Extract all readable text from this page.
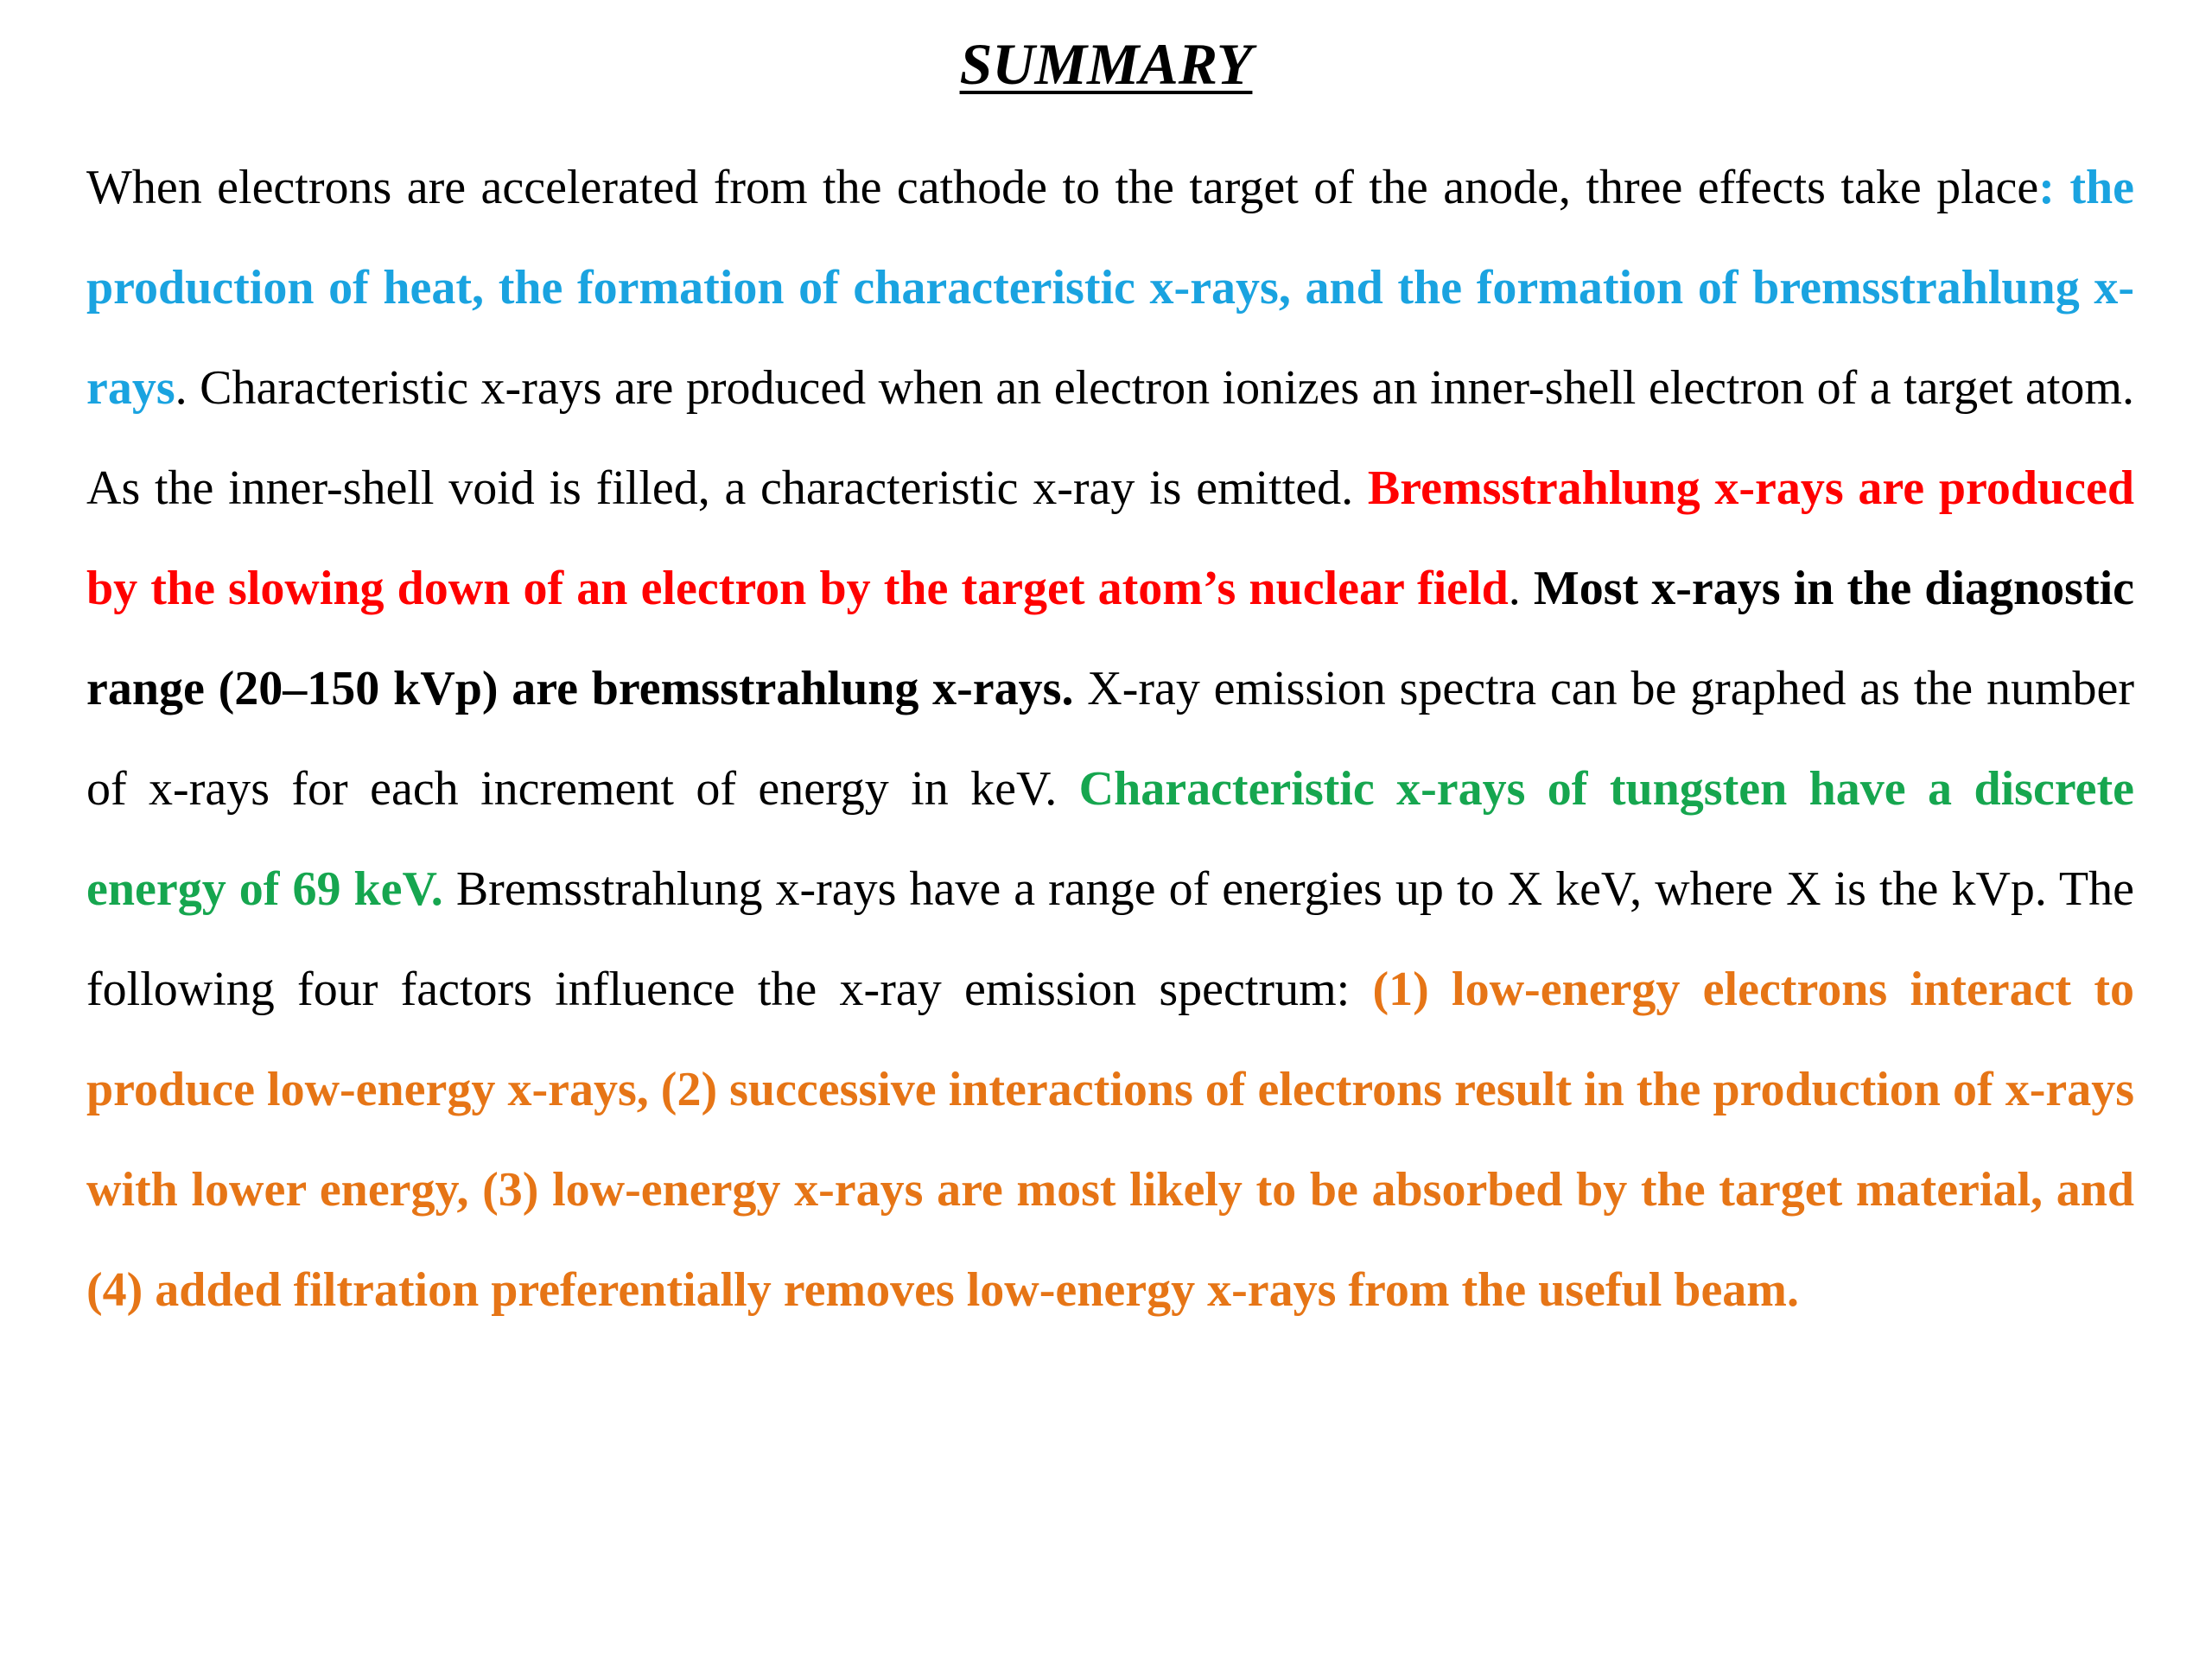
SUMMARY

When electrons are accelerated from the cathode to the target of the anode, three effects take place: the production of heat, the formation of characteristic x-rays, and the formation of bremsstrahlung x-rays. Characteristic x-rays are produced when an electron ionizes an inner-shell electron of a target atom. As the inner-shell void is filled, a characteristic x-ray is emitted. Bremsstrahlung x-rays are produced by the slowing down of an electron by the target atom’s nuclear field. Most x-rays in the diagnostic range (20–150 kVp) are bremsstrahlung x-rays. X-ray emission spectra can be graphed as the number of x-rays for each increment of energy in keV. Characteristic x-rays of tungsten have a discrete energy of 69 keV. Bremsstrahlung x-rays have a range of energies up to X keV, where X is the kVp. The following four factors influence the x-ray emission spectrum: (1) low-energy electrons interact to produce low-energy x-rays, (2) successive interactions of electrons result in the production of x-rays with lower energy, (3) low-energy x-rays are most likely to be absorbed by the target material, and (4) added filtration preferentially removes low-energy x-rays from the useful beam.
